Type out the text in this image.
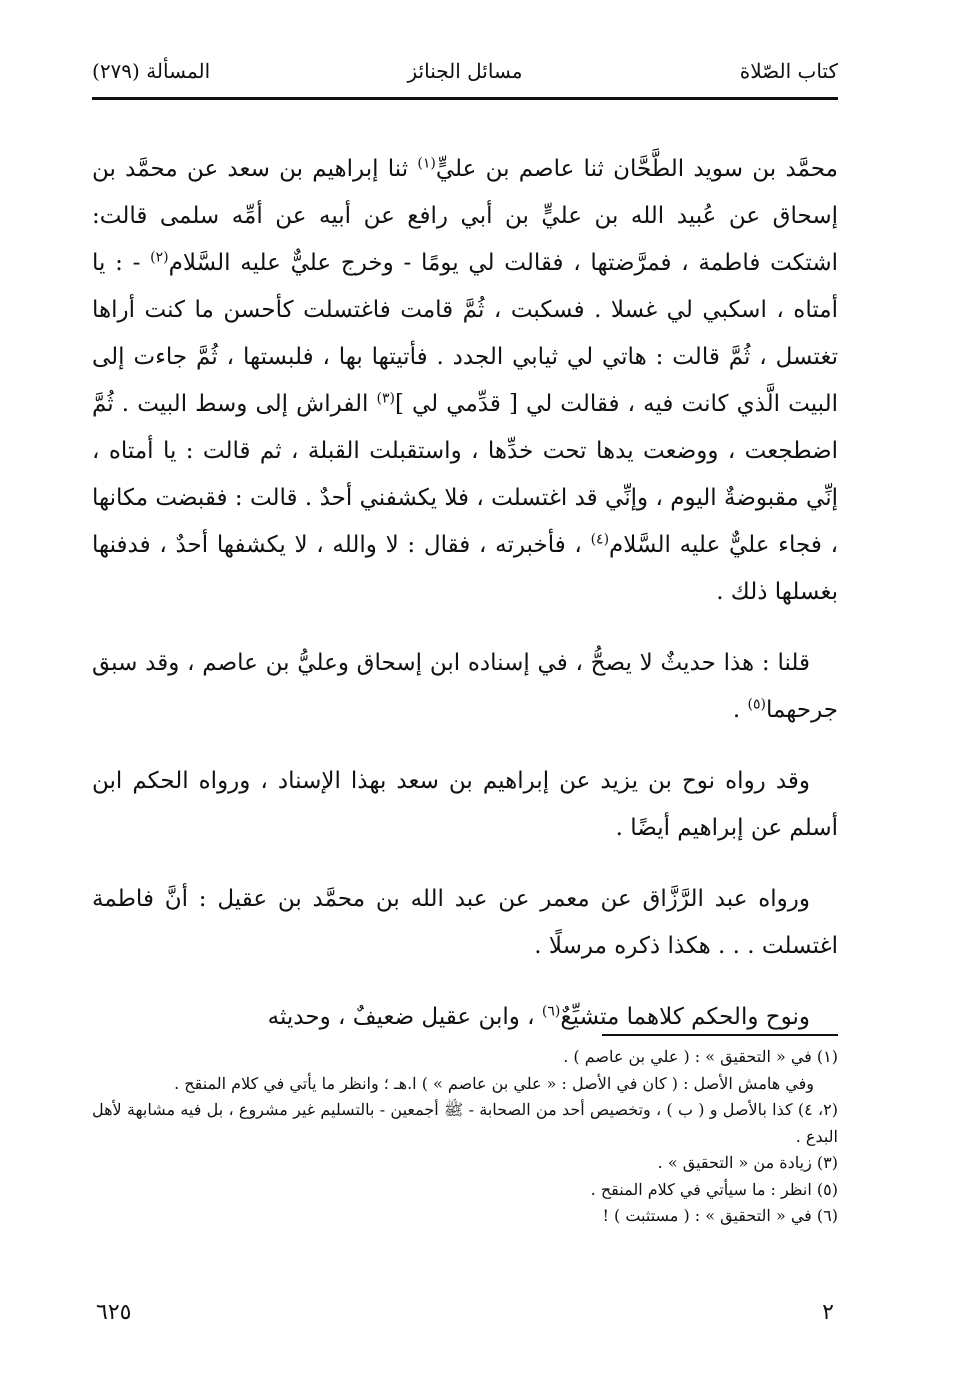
كتاب الصّلاة
مسائل الجنائز
المسألة (٢٧٩)

محمَّد بن سويد الطَّحَّان ثنا عاصم بن عليٍّ$^{(١)}$ ثنا إبراهيم بن سعد عن محمَّد بن إسحاق عن عُبيد الله بن عليٍّ بن أبي رافع عن أبيه عن أمِّه سلمى قالت: اشتكت فاطمة ، فمرَّضتها ، فقالت لي يومًا - وخرج عليٌّ عليه السَّلام$^{(٢)}$ - : يا أمتاه ، اسكبي لي غسلا . فسكبت ، ثُمَّ قامت فاغتسلت كأحسن ما كنت أراها تغتسل ، ثُمَّ قالت : هاتي لي ثيابي الجدد . فأتيتها بها ، فلبستها ، ثُمَّ جاءت إلى البيت الَّذي كانت فيه ، فقالت لي [ قدِّمي لي ]$^{(٣)}$ الفراش إلى وسط البيت . ثُمَّ اضطجعت ، ووضعت يدها تحت خدِّها ، واستقبلت القبلة ، ثم قالت : يا أمتاه ، إنِّي مقبوضةٌ اليوم ، وإنِّي قد اغتسلت ، فلا يكشفني أحدٌ . قالت : فقبضت مكانها ، فجاء عليٌّ عليه السَّلام$^{(٤)}$ ، فأخبرته ، فقال : لا والله ، لا يكشفها أحدٌ ، فدفنها بغسلها ذلك .

قلنا : هذا حديثٌ لا يصحُّ ، في إسناده ابن إسحاق وعليُّ بن عاصم ، وقد سبق جرحهما$^{(٥)}$ .

وقد رواه نوح بن يزيد عن إبراهيم بن سعد بهذا الإسناد ، ورواه الحكم ابن أسلم عن إبراهيم أيضًا .

ورواه عبد الرَّزَّاق عن معمر عن عبد الله بن محمَّد بن عقيل : أنَّ فاطمة اغتسلت . . . هكذا ذكره مرسلًا .

ونوح والحكم كلاهما متشيِّعٌ$^{(٦)}$ ، وابن عقيل ضعيفٌ ، وحديثه

(١) في « التحقيق » : ( علي بن عاصم ) .

وفي هامش الأصل : ( كان في الأصل : « علي بن عاصم » ) ا.هـ ؛ وانظر ما يأتي في كلام المنقح .

(٢، ٤) كذا بالأصل و ( ب ) ، وتخصيص أحد من الصحابة - ﷺ أجمعين - بالتسليم غير مشروع ، بل فيه مشابهة لأهل البدع .

(٣) زيادة من « التحقيق » .

(٥) انظر : ما سيأتي في كلام المنقح .

(٦) في « التحقيق » : ( مستثبت ) !

٢
٦٢٥
